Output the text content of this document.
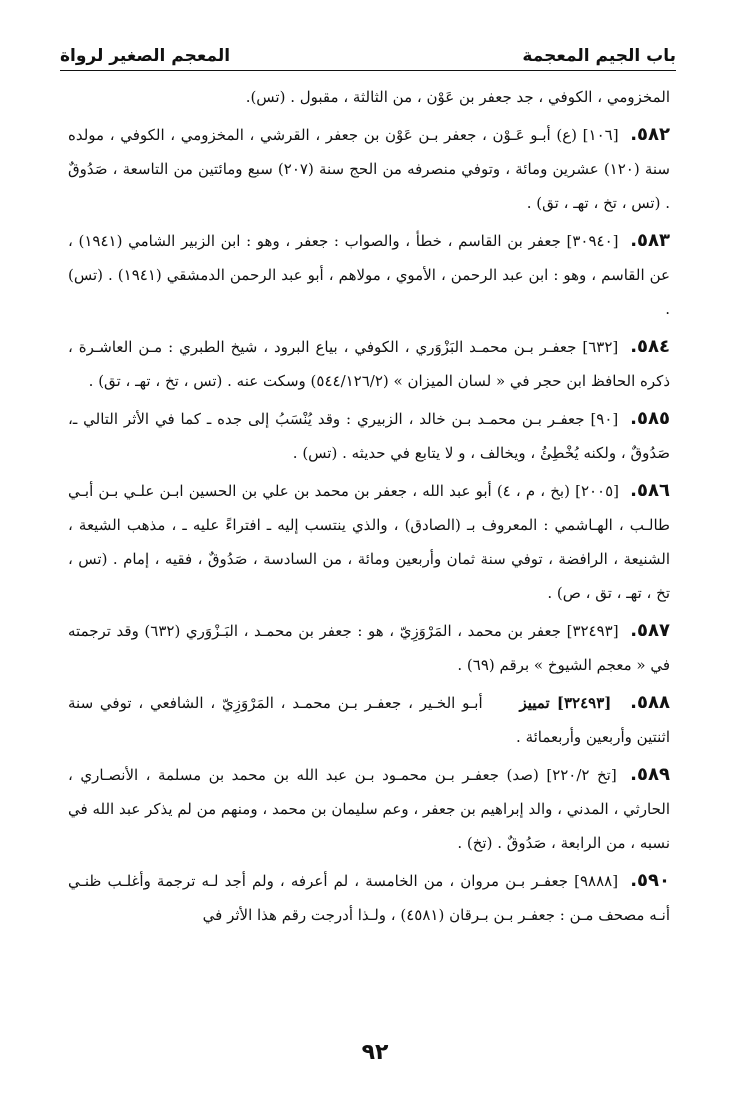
باب الجيم المعجمة
المعجم الصغير لرواة

المخزومي ، الكوفي ، جد جعفر بن عَوْن ، من الثالثة ، مقبول . (تس).

٥٨٢. [١٠٦] (ع) أبـو عَـوْن ، جعفر بـن عَوْن بن جعفر ، القرشي ، المخزومي ، الكوفي ، مولده سنة (١٢٠) عشرين ومائة ، وتوفي منصرفه من الحج سنة (٢٠٧) سبع ومائتين من التاسعة ، صَدُوقٌ . (تس ، تخ ، تهـ ، تق) .

٥٨٣. [٣٠٩٤٠] جعفر بن القاسم ، خطأ ، والصواب : جعفر ، وهو : ابن الزبير الشامي (١٩٤١) ، عن القاسم ، وهو : ابن عبد الرحمن ، الأموي ، مولاهم ، أبو عبد الرحمن الدمشقي (١٩٤١) . (تس) .

٥٨٤. [٦٣٢] جعفـر بـن محمـد البَزْوَري ، الكوفي ، بياع البرود ، شيخ الطبري : مـن العاشـرة ، ذكره الحافظ ابن حجر في « لسان الميزان » (٥٤٤/١٢٦/٢) وسكت عنه . (تس ، تخ ، تهـ ، تق) .

٥٨٥. [٩٠] جعفـر بـن محمـد بـن خالد ، الزبيري : وقد يُنْسَبُ إلى جده ـ كما في الأثر التالي ـ، صَدُوقٌ ، ولكنه يُخْطِئُ ، ويخالف ، و لا يتابع في حديثه . (تس) .

٥٨٦. [٢٠٠٥] (بخ ، م ، ٤) أبو عبد الله ، جعفر بن محمد بن علي بن الحسين ابـن علـي بـن أبـي طالـب ، الهـاشمي : المعروف بـ (الصادق) ، والذي ينتسب إليه ـ افتراءً عليه ـ ، مذهب الشيعة ، الشنيعة ، الرافضة ، توفي سنة ثمان وأربعين ومائة ، من السادسة ، صَدُوقٌ ، فقيه ، إمام . (تس ، تخ ، تهـ ، تق ، ص) .

٥٨٧. [٣٢٤٩٣] جعفر بن محمد ، المَرْوَزِيّ ، هو : جعفر بن محمـد ، البَـزْوَري (٦٣٢) وقد ترجمته في « معجم الشيوخ » برقم (٦٩) .

٥٨٨. [٣٢٤٩٣] تمييز أبـو الخـير ، جعفـر بـن محمـد ، المَرْوَزِيّ ، الشافعي ، توفي سنة اثنتين وأربعين وأربعمائة .

٥٨٩. [تخ ٢٢٠/٢] (صد) جعفـر بـن محمـود بـن عبد الله بن محمد بن مسلمة ، الأنصـاري ، الحارثي ، المدني ، والد إبراهيم بن جعفر ، وعم سليمان بن محمد ، ومنهم من لم يذكر عبد الله في نسبه ، من الرابعة ، صَدُوقٌ . (تخ) .

٥٩٠. [٩٨٨٨] جعفـر بـن مروان ، من الخامسة ، لم أعرفه ، ولم أجد لـه ترجمة وأغلـب ظنـي أنـه مصحف مـن : جعفـر بـن بـرقان (٤٥٨١) ، ولـذا أدرجت رقم هذا الأثر في

٩٢
